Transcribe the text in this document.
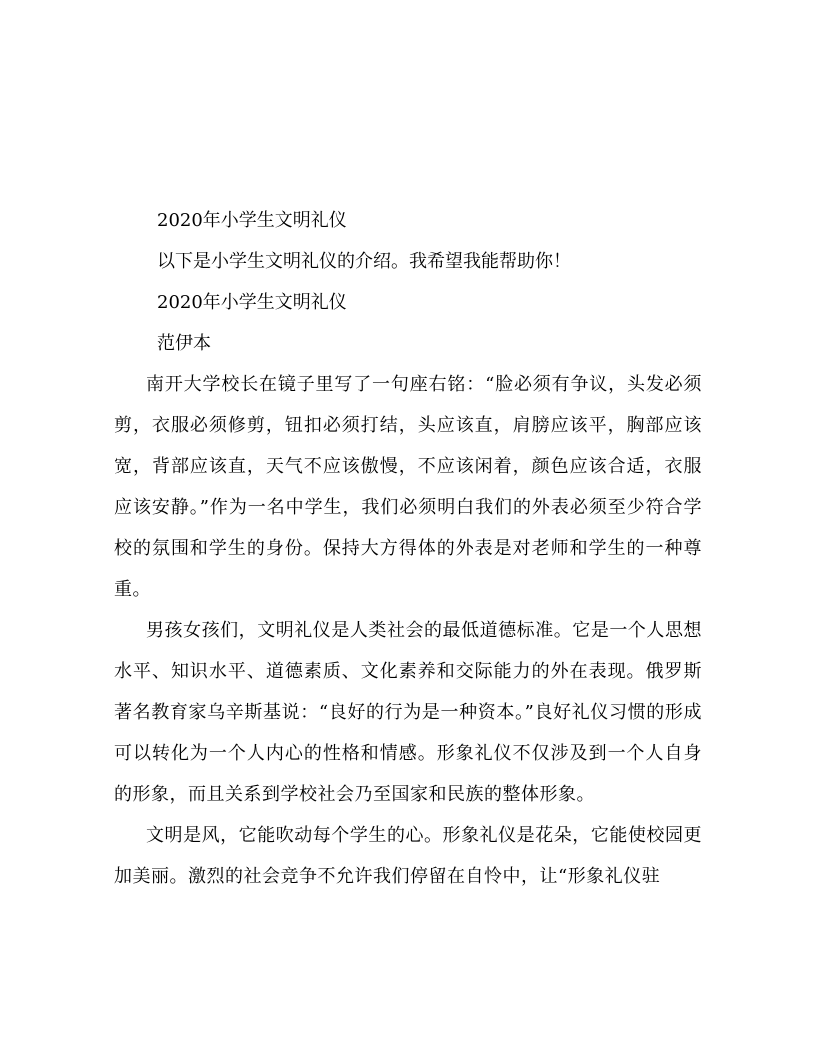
2020年小学生文明礼仪

以下是小学生文明礼仪的介绍。我希望我能帮助你！

2020年小学生文明礼仪

范伊本

南开大学校长在镜子里写了一句座右铭：“脸必须有争议，头发必须剪，衣服必须修剪，钮扣必须打结，头应该直，肩膀应该平，胸部应该宽，背部应该直，天气不应该傲慢，不应该闲着，颜色应该合适，衣服应该安静。”作为一名中学生，我们必须明白我们的外表必须至少符合学校的氛围和学生的身份。保持大方得体的外表是对老师和学生的一种尊重。

男孩女孩们，文明礼仪是人类社会的最低道德标准。它是一个人思想水平、知识水平、道德素质、文化素养和交际能力的外在表现。俄罗斯著名教育家乌辛斯基说：“良好的行为是一种资本。”良好礼仪习惯的形成可以转化为一个人内心的性格和情感。形象礼仪不仅涉及到一个人自身的形象，而且关系到学校社会乃至国家和民族的整体形象。

文明是风，它能吹动每个学生的心。形象礼仪是花朵，它能使校园更加美丽。激烈的社会竞争不允许我们停留在自怜中，让“形象礼仪驻
